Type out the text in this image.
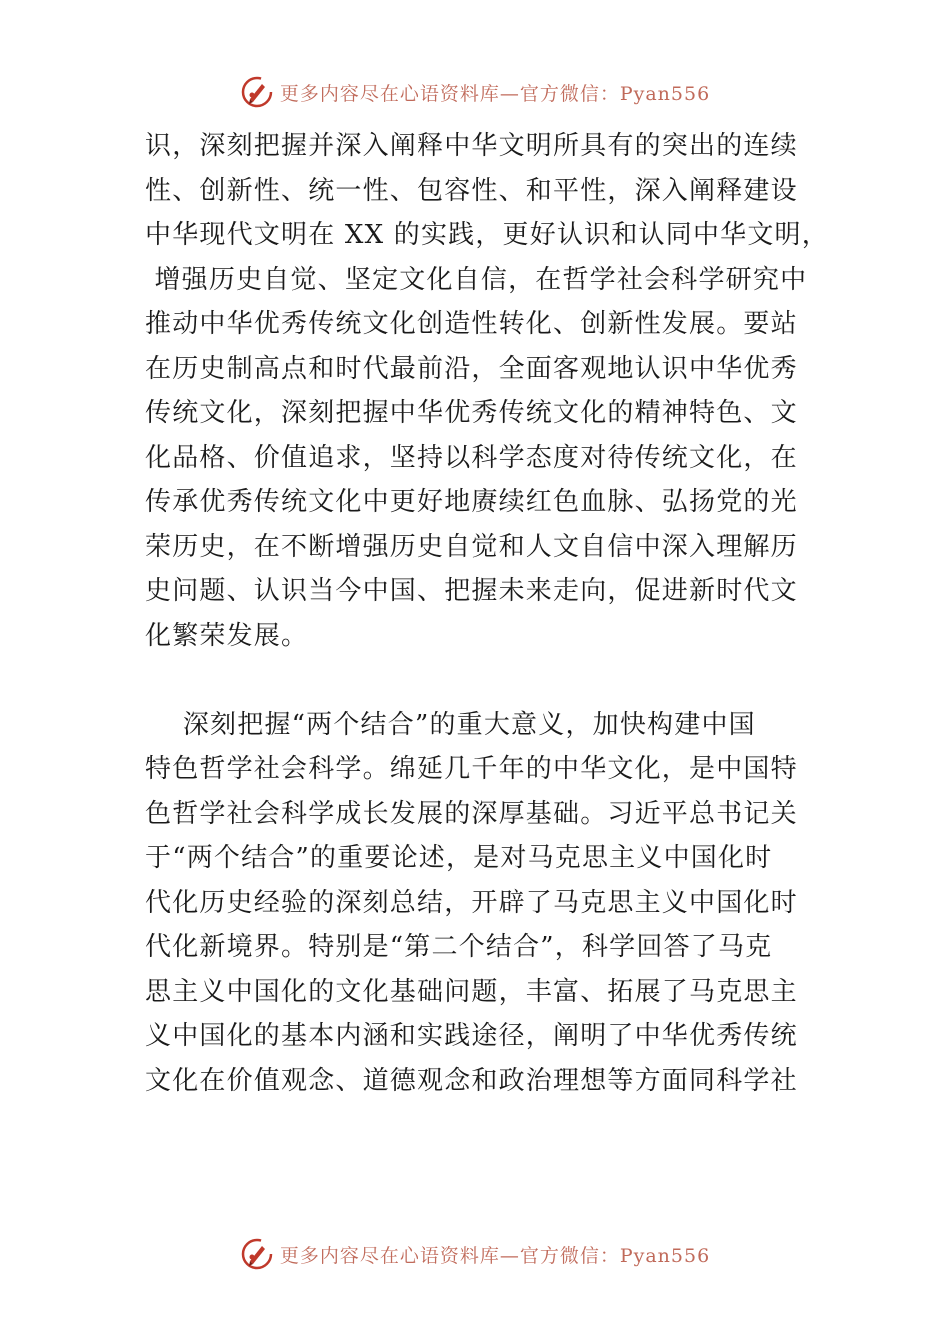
更多内容尽在心语资料库—官方微信：Pyan556
识，深刻把握并深入阐释中华文明所具有的突出的连续
性、创新性、统一性、包容性、和平性，深入阐释建设
中华现代文明在 XX 的实践，更好认识和认同中华文明，
增强历史自觉、坚定文化自信，在哲学社会科学研究中
推动中华优秀传统文化创造性转化、创新性发展。要站
在历史制高点和时代最前沿，全面客观地认识中华优秀
传统文化，深刻把握中华优秀传统文化的精神特色、文
化品格、价值追求，坚持以科学态度对待传统文化，在
传承优秀传统文化中更好地赓续红色血脉、弘扬党的光
荣历史，在不断增强历史自觉和人文自信中深入理解历
史问题、认识当今中国、把握未来走向，促进新时代文
化繁荣发展。
深刻把握“两个结合”的重大意义，加快构建中国
特色哲学社会科学。绵延几千年的中华文化，是中国特
色哲学社会科学成长发展的深厚基础。习近平总书记关
于“两个结合”的重要论述，是对马克思主义中国化时
代化历史经验的深刻总结，开辟了马克思主义中国化时
代化新境界。特别是“第二个结合”，科学回答了马克
思主义中国化的文化基础问题，丰富、拓展了马克思主
义中国化的基本内涵和实践途径，阐明了中华优秀传统
文化在价值观念、道德观念和政治理想等方面同科学社
更多内容尽在心语资料库—官方微信：Pyan556
